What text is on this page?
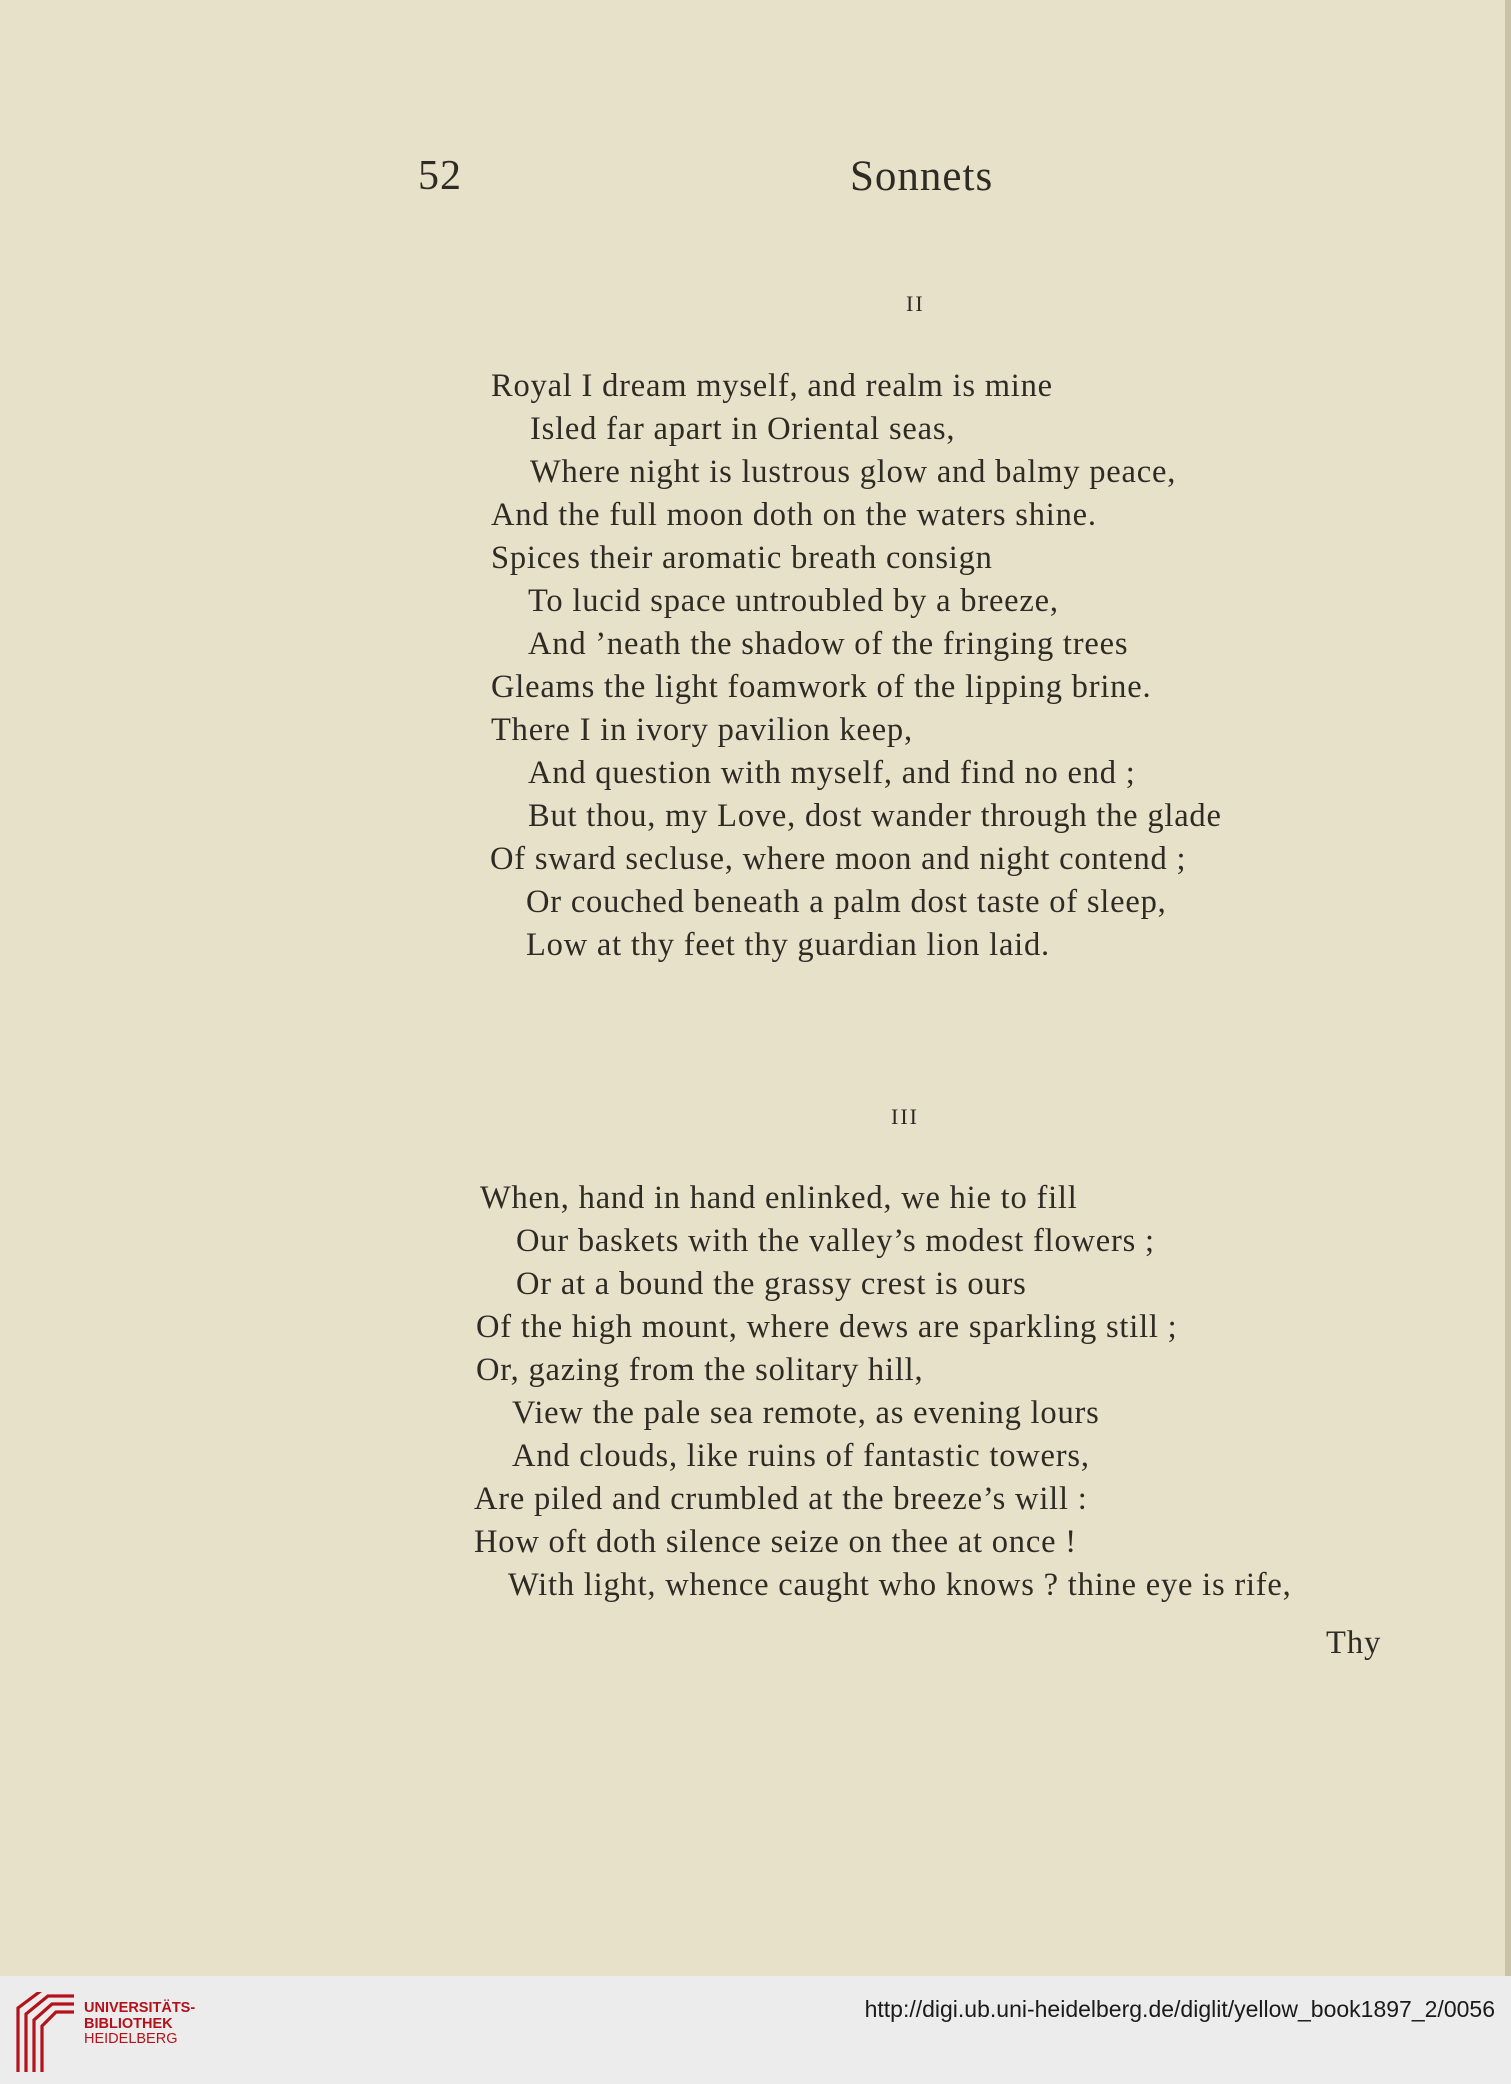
52	Sonnets
II
Royal I dream myself, and realm is mine
Isled far apart in Oriental seas,
Where night is lustrous glow and balmy peace,
And the full moon doth on the waters shine.
Spices their aromatic breath consign
To lucid space untroubled by a breeze,
And ’neath the shadow of the fringing trees
Gleams the light foamwork of the lipping brine.
There I in ivory pavilion keep,
And question with myself, and find no end ;
But thou, my Love, dost wander through the glade
Of sward secluse, where moon and night contend ;
Or couched beneath a palm dost taste of sleep,
Low at thy feet thy guardian lion laid.
III
When, hand in hand enlinked, we hie to fill
Our baskets with the valley’s modest flowers ;
Or at a bound the grassy crest is ours
Of the high mount, where dews are sparkling still ;
Or, gazing from the solitary hill,
View the pale sea remote, as evening lours
And clouds, like ruins of fantastic towers,
Are piled and crumbled at the breeze’s will :
How oft doth silence seize on thee at once !
With light, whence caught who knows ? thine eye is rife,
Thy
UNIVERSITÄTS-
BIBLIOTHEK
HEIDELBERG
http://digi.ub.uni-heidelberg.de/diglit/yellow_book1897_2/0056
